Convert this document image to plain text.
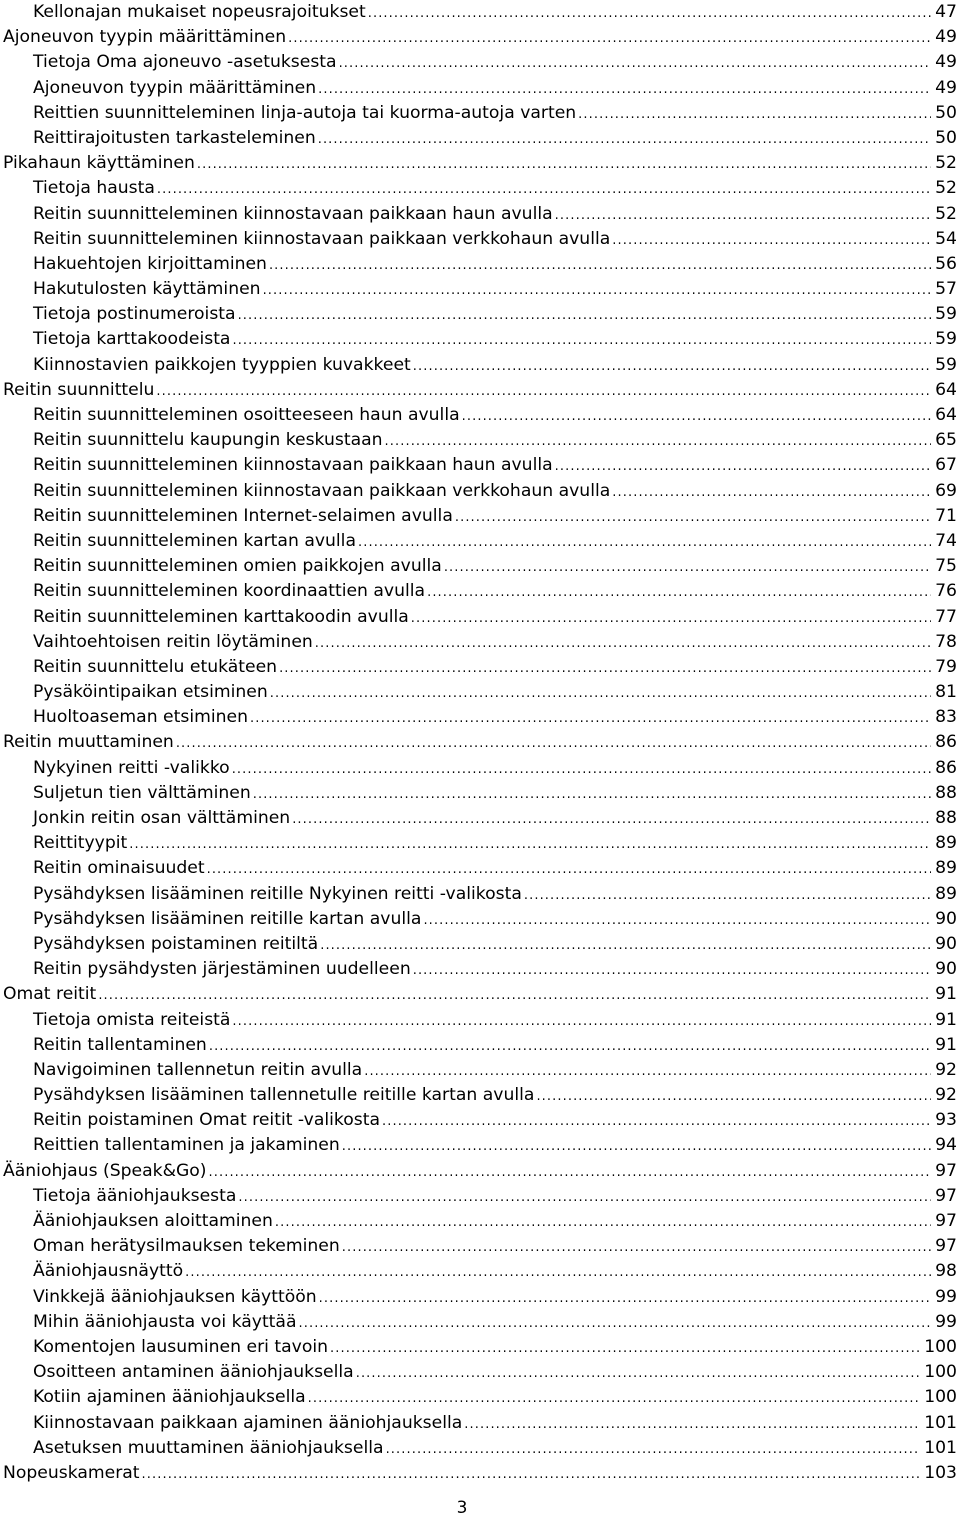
Kellonajan mukaiset nopeusrajoitukset .....	47
Ajoneuvon tyypin määrittäminen .....	49
Tietoja Oma ajoneuvo -asetuksesta .....	49
Ajoneuvon tyypin määrittäminen .....	49
Reittien suunnitteleminen linja-autoja tai kuorma-autoja varten .....	50
Reittirajoitusten tarkasteleminen .....	50
Pikahaun käyttäminen .....	52
Tietoja hausta .....	52
Reitin suunnitteleminen kiinnostavaan paikkaan haun avulla .....	52
Reitin suunnitteleminen kiinnostavaan paikkaan verkkohaun avulla .....	54
Hakuehtojen kirjoittaminen .....	56
Hakutulosten käyttäminen .....	57
Tietoja postinumeroista .....	59
Tietoja karttakoodeista .....	59
Kiinnostavien paikkojen tyyppien kuvakkeet .....	59
Reitin suunnittelu .....	64
Reitin suunnitteleminen osoitteeseen haun avulla .....	64
Reitin suunnittelu kaupungin keskustaan .....	65
Reitin suunnitteleminen kiinnostavaan paikkaan haun avulla .....	67
Reitin suunnitteleminen kiinnostavaan paikkaan verkkohaun avulla .....	69
Reitin suunnitteleminen Internet-selaimen avulla .....	71
Reitin suunnitteleminen kartan avulla .....	74
Reitin suunnitteleminen omien paikkojen avulla .....	75
Reitin suunnitteleminen koordinaattien avulla .....	76
Reitin suunnitteleminen karttakoodin avulla .....	77
Vaihtoehtoisen reitin löytäminen .....	78
Reitin suunnittelu etukäteen .....	79
Pysäköintipaikan etsiminen .....	81
Huoltoaseman etsiminen .....	83
Reitin muuttaminen .....	86
Nykyinen reitti -valikko .....	86
Suljetun tien välttäminen .....	88
Jonkin reitin osan välttäminen .....	88
Reittityypit .....	89
Reitin ominaisuudet .....	89
Pysähdyksen lisääminen reitille Nykyinen reitti -valikosta .....	89
Pysähdyksen lisääminen reitille kartan avulla .....	90
Pysähdyksen poistaminen reitiltä .....	90
Reitin pysähdysten järjestäminen uudelleen .....	90
Omat reitit .....	91
Tietoja omista reiteistä .....	91
Reitin tallentaminen .....	91
Navigoiminen tallennetun reitin avulla .....	92
Pysähdyksen lisääminen tallennetulle reitille kartan avulla .....	92
Reitin poistaminen Omat reitit -valikosta .....	93
Reittien tallentaminen ja jakaminen .....	94
Ääniohjaus (Speak&Go) .....	97
Tietoja ääniohjauksesta .....	97
Ääniohjauksen aloittaminen .....	97
Oman herätysilmauksen tekeminen .....	97
Ääniohjausnäyttö .....	98
Vinkkejä ääniohjauksen käyttöön .....	99
Mihin ääniohjausta voi käyttää .....	99
Komentojen lausuminen eri tavoin .....	100
Osoitteen antaminen ääniohjauksella .....	100
Kotiin ajaminen ääniohjauksella .....	100
Kiinnostavaan paikkaan ajaminen ääniohjauksella .....	101
Asetuksen muuttaminen ääniohjauksella .....	101
Nopeuskamerat .....	103
3
